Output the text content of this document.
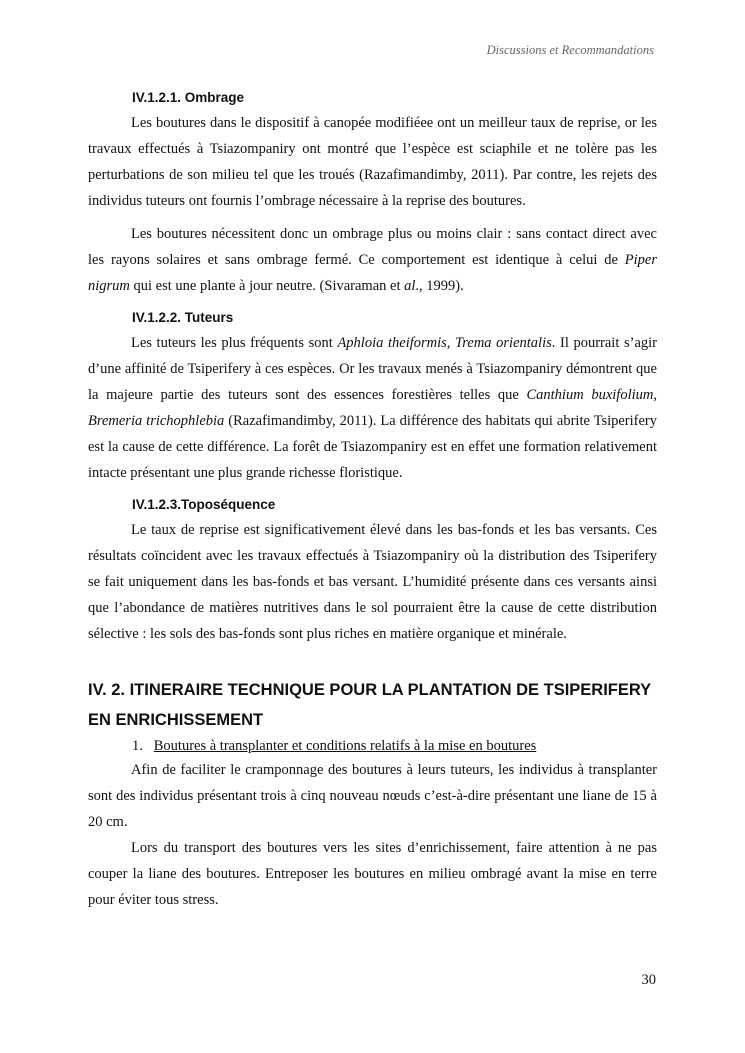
Discussions et Recommandations
IV.1.2.1. Ombrage

Les boutures dans le dispositif à canopée modifiéee ont un meilleur taux de reprise, or les travaux effectués à Tsiazompaniry ont montré que l’espèce est sciaphile et ne tolère pas les perturbations de son milieu tel que les troués (Razafimandimby, 2011). Par contre, les rejets des individus tuteurs ont fournis l’ombrage nécessaire à la reprise des boutures.

Les boutures nécessitent donc un ombrage plus ou moins clair : sans contact direct avec les rayons solaires et sans ombrage fermé. Ce comportement est identique à celui de Piper nigrum qui est une plante à jour neutre. (Sivaraman et al., 1999).

IV.1.2.2. Tuteurs

Les tuteurs les plus fréquents sont Aphloia theiformis, Trema orientalis. Il pourrait s’agir d’une affinité de Tsiperifery à ces espèces. Or les travaux menés à Tsiazompaniry démontrent que la majeure partie des tuteurs sont des essences forestières telles que Canthium buxifolium, Bremeria trichophlebia (Razafimandimby, 2011). La différence des habitats qui abrite Tsiperifery est la cause de cette différence. La forêt de Tsiazompaniry est en effet une formation relativement intacte présentant une plus grande richesse floristique.

IV.1.2.3.Toposéquence

Le taux de reprise est significativement élevé dans les bas-fonds et les bas versants. Ces résultats coïncident avec les travaux effectués à Tsiazompaniry où la distribution des Tsiperifery se fait uniquement dans les bas-fonds et bas versant. L’humidité présente dans ces versants ainsi que l’abondance de matières nutritives dans le sol pourraient être la cause de cette distribution sélective : les sols des bas-fonds sont plus riches en matière organique et minérale.

IV. 2. ITINERAIRE TECHNIQUE POUR LA PLANTATION DE TSIPERIFERY EN ENRICHISSEMENT
1. Boutures à transplanter et conditions relatifs à la mise en boutures

Afin de faciliter le cramponnage des boutures à leurs tuteurs, les individus à transplanter sont des individus présentant trois à cinq nouveau nœuds c’est-à-dire présentant une liane de 15 à 20 cm.

Lors du transport des boutures vers les sites d’enrichissement, faire attention à ne pas couper la liane des boutures. Entreposer les boutures en milieu ombragé avant la mise en terre pour éviter tous stress.

30
